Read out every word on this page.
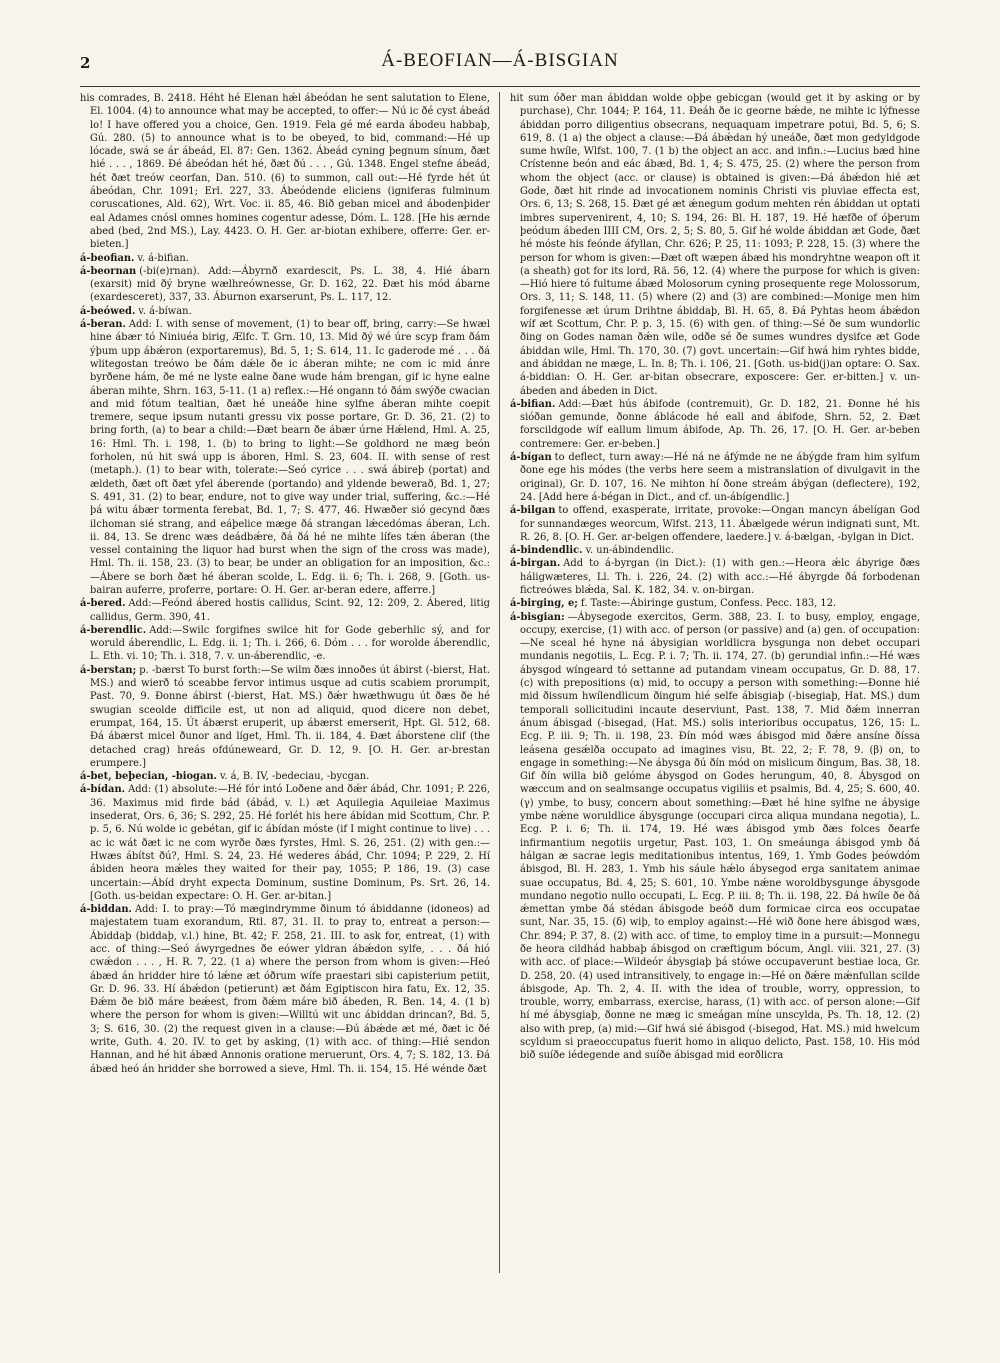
2	Á-BEOFIAN—Á-BISGIAN

his comrades, B. 2418. Héht hé Elenan hǽl ábeódan he sent salutation to Elene, El. 1004. (4) to announce what may be accepted, to offer:— Nú ic ðé cyst ábeád lo! I have offered you a choice, Gen. 1919. Fela gé mé earda ábodeu habbaþ, Gú. 280. (5) to announce what is to be obeyed, to bid, command:—Hé up lócade, swá se ár ábeád, El. 87: Gen. 1362. Ábeád cyning þegnum sínum, ðæt hié . . . , 1869. Ðé ábeódan hét hé, ðæt ðú . . . , Gú. 1348. Engel stefne ábeád, hét ðæt treów ceorfan, Dan. 510. (6) to summon, call out:—Hé fyrde hét út ábeódan, Chr. 1091; Erl. 227, 33. Ábeódende eliciens (igniferas fulminum coruscationes, Ald. 62), Wrt. Voc. ii. 85, 46. Bið geban micel and ábodenþider eal Adames cnósl omnes homines cogentur adesse, Dóm. L. 128. [He his ærnde abed (bed, 2nd MS.), Lay. 4423. O. H. Ger. ar-biotan exhibere, offerre: Ger. er-bieten.]

á-beofian. v. á-bifian.

á-beornan (-bi(e)rnan). Add:—Ábyrnð exardescit, Ps. L. 38, 4. Hié ábarn (exarsit) mid ðý bryne wælhreównesse, Gr. D. 162, 22. Ðæt his mód ábarne (exardesceret), 337, 33. Áburnon exarserunt, Ps. L. 117, 12.

á-beówed. v. á-bíwan.

á-beran. Add: I. with sense of movement, (1) to bear off, bring, carry:—Se hwæl hine ábær tó Niniuéa birig, Ælfc. T. Grn. 10, 13. Mid ðý wé úre scyp fram ðám ýþum upp ábǽron (exportaremus), Bd. 5, 1; S. 614, 11. Ic gaderode mé . . . ðá wlitegostan treówo be ðám dǽle ðe ic áberan mihte; ne com ic mid ánre byrðene hám, ðe mé ne lyste ealne ðane wude hám brengan, gif ic hyne ealne áberan mihte, Shrn. 163, 5-11. (1 a) reflex.:—Hé ongann tó ðám swýðe cwacian and mid fótum tealtian, ðæt hé uneáðe hine sylfne áberan mihte coepit tremere, seque ipsum nutanti gressu vix posse portare, Gr. D. 36, 21. (2) to bring forth, (a) to bear a child:—Ðæt bearn ðe ábær úrne Hǽlend, Hml. A. 25, 16: Hml. Th. i. 198, 1. (b) to bring to light:—Se goldhord ne mæg beón forholen, nú hit swá upp is áboren, Hml. S. 23, 604. II. with sense of rest (metaph.). (1) to bear with, tolerate:—Seó cyrice . . . swá ábireþ (portat) and ældeth, ðæt oft ðæt yfel áberende (portando) and yldende bewerað, Bd. 1, 27; S. 491, 31. (2) to bear, endure, not to give way under trial, suffering, &c.:—Hé þá witu ábær tormenta ferebat, Bd. 1, 7; S. 477, 46. Hwæðer sió gecynd ðæs ilchoman sié strang, and eáþelice mæge ðá strangan lǽcedómas áberan, Lch. ii. 84, 13. Se drenc wæs deádbǽre, ðá ðá hé ne mihte lífes tǽn áberan (the vessel containing the liquor had burst when the sign of the cross was made), Hml. Th. ii. 158, 23. (3) to bear, be under an obligation for an imposition, &c.:—Ábere se borh ðæt hé áberan scolde, L. Edg. ii. 6; Th. i. 268, 9. [Goth. us-bairan auferre, proferre, portare: O. H. Ger. ar-beran edere, afferre.]

á-bered. Add:—Feónd ábered hostis callidus, Scint. 92, 12: 209, 2. Ábered, litig callidus, Germ. 390, 41.

á-berendlic. Add:—Swilc forgifnes swilce hit for Gode geberhlic sý, and for woruld áberendlic, L. Edg. ii. 1; Th. i. 266, 6. Dóm . . . for worolde áberendlic, L. Eth. vi. 10; Th. i. 318, 7. v. un-áberendlic, -e.

á-berstan; p. -bærst To burst forth:—Se wilm ðæs innoðes út ábirst (-bierst, Hat. MS.) and wierð tó sceabbe fervor intimus usque ad cutis scabiem prorumpit, Past. 70, 9. Ðonne ábirst (-bierst, Hat. MS.) ðǽr hwæthwugu út ðæs ðe hé swugian sceolde difficile est, ut non ad aliquid, quod dicere non debet, erumpat, 164, 15. Út ábærst eruperit, up ábærst emerserit, Hpt. Gl. 512, 68. Ðá ábærst micel ðunor and líget, Hml. Th. ii. 184, 4. Ðæt áborstene clif (the detached crag) hreás ofdúneweard, Gr. D. 12, 9. [O. H. Ger. ar-brestan erumpere.]

á-bet, beþecian, -biogan. v. á, B. IV, -bedeciau, -bycgan.

á-bídan. Add: (1) absolute:—Hé fór intó Loðene and ðǽr ábád, Chr. 1091; P. 226, 36. Maximus mid firde bád (ábád, v. l.) æt Aquilegia Aquileiae Maximus insederat, Ors. 6, 36; S. 292, 25. Hé forlét his here ábídan mid Scottum, Chr. P. p. 5, 6. Nú wolde ic gebétan, gif ic ábídan móste (if I might continue to live) . . . ac ic wát ðæt ic ne com wyrðe ðæs fyrstes, Hml. S. 26, 251. (2) with gen.:—Hwæs ábítst ðú?, Hml. S. 24, 23. Hé wederes ábád, Chr. 1094; P. 229, 2. Hí ábiden heora mǽles they waited for their pay, 1055; P. 186, 19. (3) case uncertain:—Ábíd dryht expecta Dominum, sustine Dominum, Ps. Srt. 26, 14. [Goth. us-beidan expectare: O. H. Ger. ar-bitan.]

á-biddan. Add: I. to pray:—Tó mægindrymme ðinum tó ábiddanne (idoneos) ad majestatem tuam exorandum, Rtl. 87, 31. II. to pray to, entreat a person:—Ábiddaþ (biddaþ, v.l.) hine, Bt. 42; F. 258, 21. III. to ask for, entreat, (1) with acc. of thing:—Seó áwyrgednes ðe eówer yldran ábǽdon sylfe, . . . ðá hió cwǽdon . . . , H. R. 7, 22. (1 a) where the person from whom is given:—Heó ábæd án hridder hire tó lǽne æt óðrum wífe praestari sibi capisterium petiit, Gr. D. 96. 33. Hí ábǽdon (petierunt) æt ðám Egiptiscon hira fatu, Ex. 12, 35. Ðǽm ðe bið máre beǽest, from ðǽm máre bið ábeden, R. Ben. 14, 4. (1 b) where the person for whom is given:—Willtú wit unc ábiddan drincan?, Bd. 5, 3; S. 616, 30. (2) the request given in a clause:—Ðú ábǽde æt mé, ðæt ic ðé write, Guth. 4. 20. IV. to get by asking, (1) with acc. of thing:—Hié sendon Hannan, and hé hit ábæd Annonis oratione meruerunt, Ors. 4, 7; S. 182, 13. Ðá ábæd heó án hridder she borrowed a sieve, Hml. Th. ii. 154, 15. Hé wénde ðæt

hit sum óðer man ábiddan wolde oþþe gebicgan (would get it by asking or by purchase), Chr. 1044; P. 164, 11. Ðeáh ðe ic georne bǽde, ne mihte ic lýfnesse ábiddan porro diligentius obsecrans, nequaquam impetrare potui, Bd. 5, 6; S. 619, 8. (1 a) the object a clause:—Ðá ábǽdan hý uneáðe, ðæt mon gedyldgode sume hwíle, Wlfst. 100, 7. (1 b) the object an acc. and infin.:—Lucius bæd hine Crístenne beón and eác ábæd, Bd. 1, 4; S. 475, 25. (2) where the person from whom the object (acc. or clause) is obtained is given:—Ðá ábǽdon hié æt Gode, ðæt hit rinde ad invocationem nominis Christi vis pluviae effecta est, Ors. 6, 13; S. 268, 15. Ðæt gé æt ǽnegum godum mehten rén ábiddan ut optati imbres supervenirent, 4, 10; S. 194, 26: Bl. H. 187, 19. Hé hæfðe of óþerum þeódum ábeden IIII CM, Ors. 2, 5; S. 80, 5. Gif hé wolde ábiddan æt Gode, ðæt hé móste his feónde áfyllan, Chr. 626; P. 25, 11: 1093; P. 228, 15. (3) where the person for whom is given:—Ðæt oft wæpen ábæd his mondryhtne weapon oft it (a sheath) got for its lord, Rä. 56, 12. (4) where the purpose for which is given:—Hió hiere tó fultume ábæd Molosorum cyning prosequente rege Molossorum, Ors. 3, 11; S. 148, 11. (5) where (2) and (3) are combined:—Monige men him forgifenesse æt úrum Drihtne ábiddaþ, Bl. H. 65, 8. Ðá Pyhtas heom ábǽdon wíf æt Scottum, Chr. P. p. 3, 15. (6) with gen. of thing:—Sé ðe sum wundorlic ðing on Godes naman ðǽn wile, odðe sé ðe sumes wundres dysifce æt Gode ábiddan wile, Hml. Th. 170, 30. (7) govt. uncertain:—Gif hwá him ryhtes bidde, and ábiddan ne mæge, L. In. 8; Th. i. 106, 21. [Goth. us-bid(j)an optare: O. Sax. á-biddian: O. H. Ger. ar-bitan obsecrare, exposcere: Ger. er-bitten.] v. un-ábeden and ábeden in Dict.

á-bifian. Add:—Ðæt hús ábifode (contremuit), Gr. D. 182, 21. Ðonne hé his sióðan gemunde, ðonne áblácode hé eall and ábifode, Shrn. 52, 2. Ðæt forscildgode wíf eallum limum ábifode, Ap. Th. 26, 17. [O. H. Ger. ar-beben contremere: Ger. er-beben.]

á-bígan to deflect, turn away:—Hé ná ne áfýmde ne ne ábýgde fram him sylfum ðone ege his módes (the verbs here seem a mistranslation of divulgavit in the original), Gr. D. 107, 16. Ne mihton hí ðone streám ábýgan (deflectere), 192, 24. [Add here á-bégan in Dict., and cf. un-ábígendlic.]

á-bilgan to offend, exasperate, irritate, provoke:—Ongan mancyn ábelígan God for sunnandæges weorcum, Wlfst. 213, 11. Ábælgede wérun indignati sunt, Mt. R. 26, 8. [O. H. Ger. ar-belgen offendere, laedere.] v. á-bælgan, -bylgan in Dict.

á-bindendlic. v. un-ábindendlic.

á-birgan. Add to á-byrgan (in Dict.): (1) with gen.:—Heora ǽlc ábyrige ðæs háligwæteres, Ll. Th. i. 226, 24. (2) with acc.:—Hé ábyrgde ðá forbodenan fictreówes blǽda, Sal. K. 182, 34. v. on-birgan.

á-birging, e; f. Taste:—Ábiringe gustum, Confess. Pecc. 183, 12.

á-bisgian: —Ábysegode exercitos, Germ. 388, 23. I. to busy, employ, engage, occupy, exercise, (1) with acc. of person (or passive) and (a) gen. of occupation:—Ne sceal hé hyne ná ábysigian worldlicra bysgunga non debet occupari mundanis negotiis, L. Ecg. P. i. 7; Th. ii. 174, 27. (b) gerundial infin.:—Hé wæs ábysgod wíngeard tó settanne ad putandam vineam occupatus, Gr. D. 88, 17. (c) with prepositions (α) mid, to occupy a person with something:—Ðonne hié mid ðissum hwílendlicum ðingum hié selfe ábisgiaþ (-bisegiaþ, Hat. MS.) dum temporali sollicitudini incaute deserviunt, Past. 138, 7. Mid ðǽm innerran ánum ábisgad (-bisegad, (Hat. MS.) solis interioribus occupatus, 126, 15: L. Ecg. P. iii. 9; Th. ii. 198, 23. Ðín mód wæs ábisgod mid ðǽre ansíne ðíssa leásena gesǽlða occupato ad imagines visu, Bt. 22, 2; F. 78, 9. (β) on, to engage in something:—Ne ábysga ðú ðín mód on mislicum ðingum, Bas. 38, 18. Gif ðín willa bið gelóme ábysgod on Godes herungum, 40, 8. Ábysgod on wæccum and on sealmsange occupatus vigiliis et psalmis, Bd. 4, 25; S. 600, 40. (γ) ymbe, to busy, concern about something:—Ðæt hé hine sylfne ne ábysige ymbe nǽne woruldlice ábysgunge (occupari circa aliqua mundana negotia), L. Ecg. P. i. 6; Th. ii. 174, 19. Hé wæs ábisgod ymb ðæs folces ðearfe infirmantium negotiis urgetur, Past. 103, 1. On smeáunga ábisgod ymb ðá hálgan æ sacrae legis meditationibus intentus, 169, 1. Ymb Godes þeówdóm ábisgod, Bl. H. 283, 1. Ymb his sáule hǽlo ábysegod erga sanitatem animae suae occupatus, Bd. 4, 25; S. 601, 10. Ymbe nǽne woroldbysgunge ábysgode mundano negotio nullo occupati, L. Ecg. P. iii. 8; Th. ii. 198, 22. Ðá hwíle ðe ðá ǽmettan ymbe ðá stédan ábisgode beóð dum formicae circa eos occupatae sunt, Nar. 35, 15. (δ) wiþ, to employ against:—Hé wið ðone here ábisgod wæs, Chr. 894; P. 37, 8. (2) with acc. of time, to employ time in a pursuit:—Monnegu ðe heora cildhád habbaþ ábisgod on cræftigum bócum, Angl. viii. 321, 27. (3) with acc. of place:—Wildeór ábysgiaþ þá stówe occupaverunt bestiae loca, Gr. D. 258, 20. (4) used intransitively, to engage in:—Hé on ðǽre mǽnfullan scilde ábisgode, Ap. Th. 2, 4. II. with the idea of trouble, worry, oppression, to trouble, worry, embarrass, exercise, harass, (1) with acc. of person alone:—Gif hí mé ábysgiaþ, ðonne ne mæg ic smeágan míne unscylda, Ps. Th. 18, 12. (2) also with prep, (a) mid:—Gif hwá sié ábisgod (-bisegod, Hat. MS.) mid hwelcum scyldum si praeoccupatus fuerit homo in aliquo delicto, Past. 158, 10. His mód bið suíðe iédegende and suíðe ábisgad mid eorðlicra
